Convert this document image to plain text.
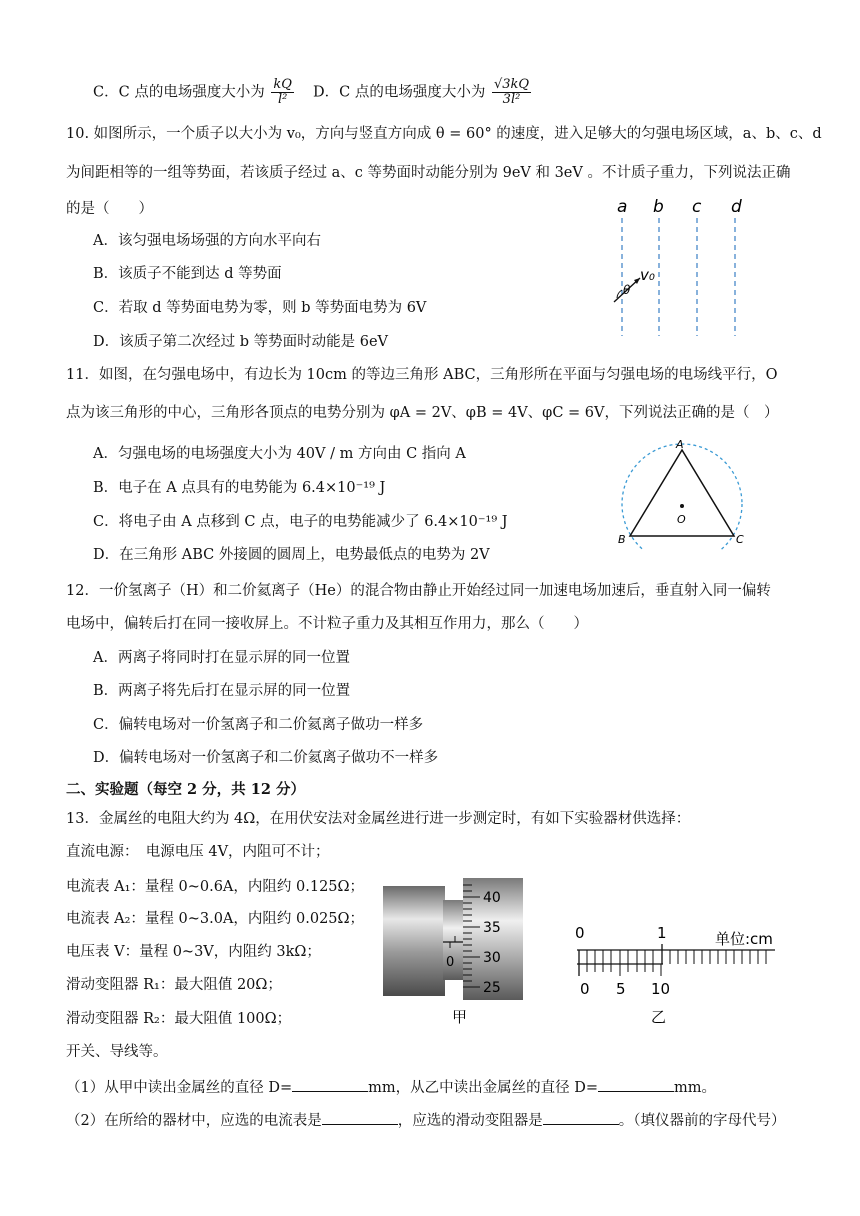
C．C 点的电场强度大小为 $\frac{kQ}{\text{l²}}$ D．C 点的电场强度大小为 $\frac{√3kQ}{\text{3l²}}$
10. 如图所示，一个质子以大小为 v₀，方向与竖直方向成 θ = 60° 的速度，进入足够大的匀强电场区域，a、b、c、d
为间距相等的一组等势面，若该质子经过 a、c 等势面时动能分别为 9eV 和 3eV 。不计质子重力，下列说法正确
的是（　　）
A．该匀强电场场强的方向水平向右
B．该质子不能到达 d 等势面
C．若取 d 等势面电势为零，则 b 等势面电势为 6V
D．该质子第二次经过 b 等势面时动能是 6eV
a b c d
θ
v₀
11．如图，在匀强电场中，有边长为 10cm 的等边三角形 ABC，三角形所在平面与匀强电场的电场线平行，O
点为该三角形的中心，三角形各顶点的电势分别为 φA = 2V、φB = 4V、φC = 6V，下列说法正确的是（　）
A．匀强电场的电场强度大小为 40V / m 方向由 C 指向 A
B．电子在 A 点具有的电势能为 6.4×10⁻¹⁹ J
C．将电子由 A 点移到 C 点，电子的电势能减少了 6.4×10⁻¹⁹ J
D．在三角形 ABC 外接圆的圆周上，电势最低点的电势为 2V
A
B	C
O
12．一价氢离子（H）和二价氦离子（He）的混合物由静止开始经过同一加速电场加速后，垂直射入同一偏转
电场中，偏转后打在同一接收屏上。不计粒子重力及其相互作用力，那么（　　）
A．两离子将同时打在显示屏的同一位置
B．两离子将先后打在显示屏的同一位置
C．偏转电场对一价氢离子和二价氦离子做功一样多
D．偏转电场对一价氢离子和二价氦离子做功不一样多
二、实验题（每空 2 分，共 12 分）
13．金属丝的电阻大约为 4Ω，在用伏安法对金属丝进行进一步测定时，有如下实验器材供选择：
直流电源：　电源电压 4V，内阻可不计；
电流表 A₁：量程 0~0.6A，内阻约 0.125Ω；
电流表 A₂：量程 0~3.0A，内阻约 0.025Ω；
电压表 V：量程 0~3V，内阻约 3kΩ；
滑动变阻器 R₁：最大阻值 20Ω；
滑动变阻器 R₂：最大阻值 100Ω；
开关、导线等。
（1）从甲中读出金属丝的直径 D=	mm，从乙中读出金属丝的直径 D=	mm。
（2）在所给的器材中，应选的电流表是	，应选的滑动变阻器是	。（填仪器前的字母代号）
0
40
35
30
25
甲
0	1	单位:cm
0 5 10
乙
